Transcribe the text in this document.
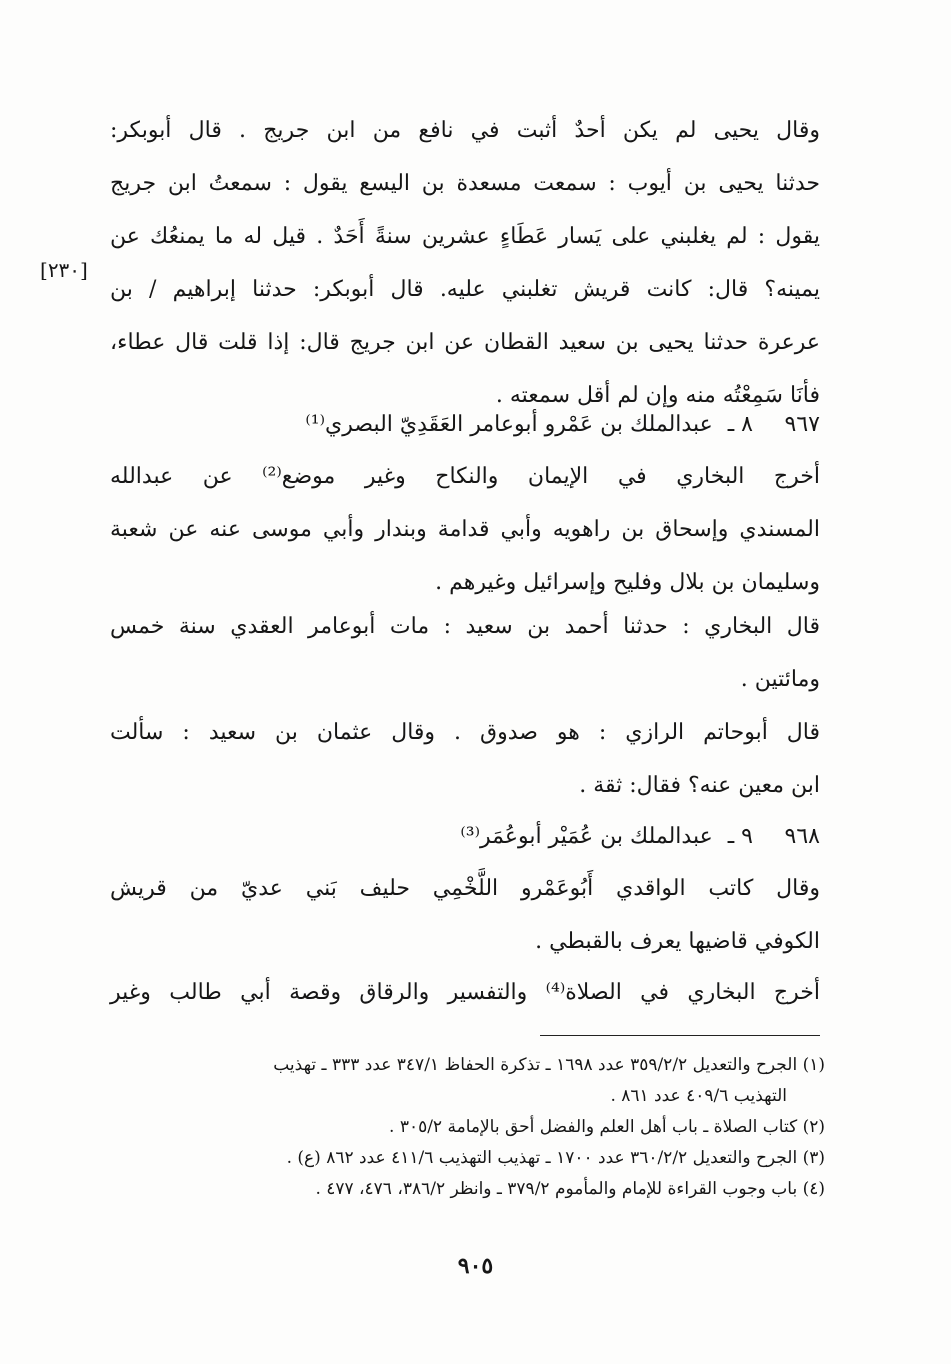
وقال يحيى لم يكن أحدٌ أثبت في نافع من ابن جريج . قال أبوبكر:
حدثنا يحيى بن أيوب : سمعت مسعدة بن اليسع يقول : سمعتُ ابن جريج
يقول : لم يغلبني على يَسار عَطَاءٍ عشرين سنةً أَحَدٌ . قيل له ما يمنعُك عن
يمينه؟ قال: كانت قريش تغلبني عليه. قال أبوبكر: حدثنا إبراهيم / بن
عرعرة حدثنا يحيى بن سعيد القطان عن ابن جريج قال: إذا قلت قال عطاء،
فأنَا سَمِعْتُه منه وإن لم أقل سمعته .
[٢٣٠]
٩٦٧ ٨ ـ عبدالملك بن عَمْرو أبوعامر العَقَدِيّ البصري⁽¹⁾
أخرج البخاري في الإيمان والنكاح وغير موضع⁽²⁾ عن عبدالله
المسندي وإسحاق بن راهويه وأبي قدامة وبندار وأبي موسى عنه عن شعبة
وسليمان بن بلال وفليح وإسرائيل وغيرهم .
قال البخاري : حدثنا أحمد بن سعيد : مات أبوعامر العقدي سنة خمس
ومائتين .
قال أبوحاتم الرازي : هو صدوق . وقال عثمان بن سعيد : سألت
ابن معين عنه؟ فقال: ثقة .
٩٦٨ ٩ ـ عبدالملك بن عُمَيْر أبوعُمَر⁽³⁾
وقال كاتب الواقدي أَبُوعَمْرو اللَّخْمِي حليف بَني عديّ من قريش
الكوفي قاضيها يعرف بالقبطي .
أخرج البخاري في الصلاة⁽⁴⁾ والتفسير والرقاق وقصة أبي طالب وغير
(١) الجرح والتعديل ٣٥٩/٢/٢ عدد ١٦٩٨ ـ تذكرة الحفاظ ٣٤٧/١ عدد ٣٣٣ ـ تهذيب
التهذيب ٤٠٩/٦ عدد ٨٦١ .
(٢) كتاب الصلاة ـ باب أهل العلم والفضل أحق بالإمامة ٣٠٥/٢ .
(٣) الجرح والتعديل ٣٦٠/٢/٢ عدد ١٧٠٠ ـ تهذيب التهذيب ٤١١/٦ عدد ٨٦٢ (ع) .
(٤) باب وجوب القراءة للإمام والمأموم ٣٧٩/٢ ـ وانظر ٣٨٦/٢، ٤٧٦، ٤٧٧ .
٩٠٥
